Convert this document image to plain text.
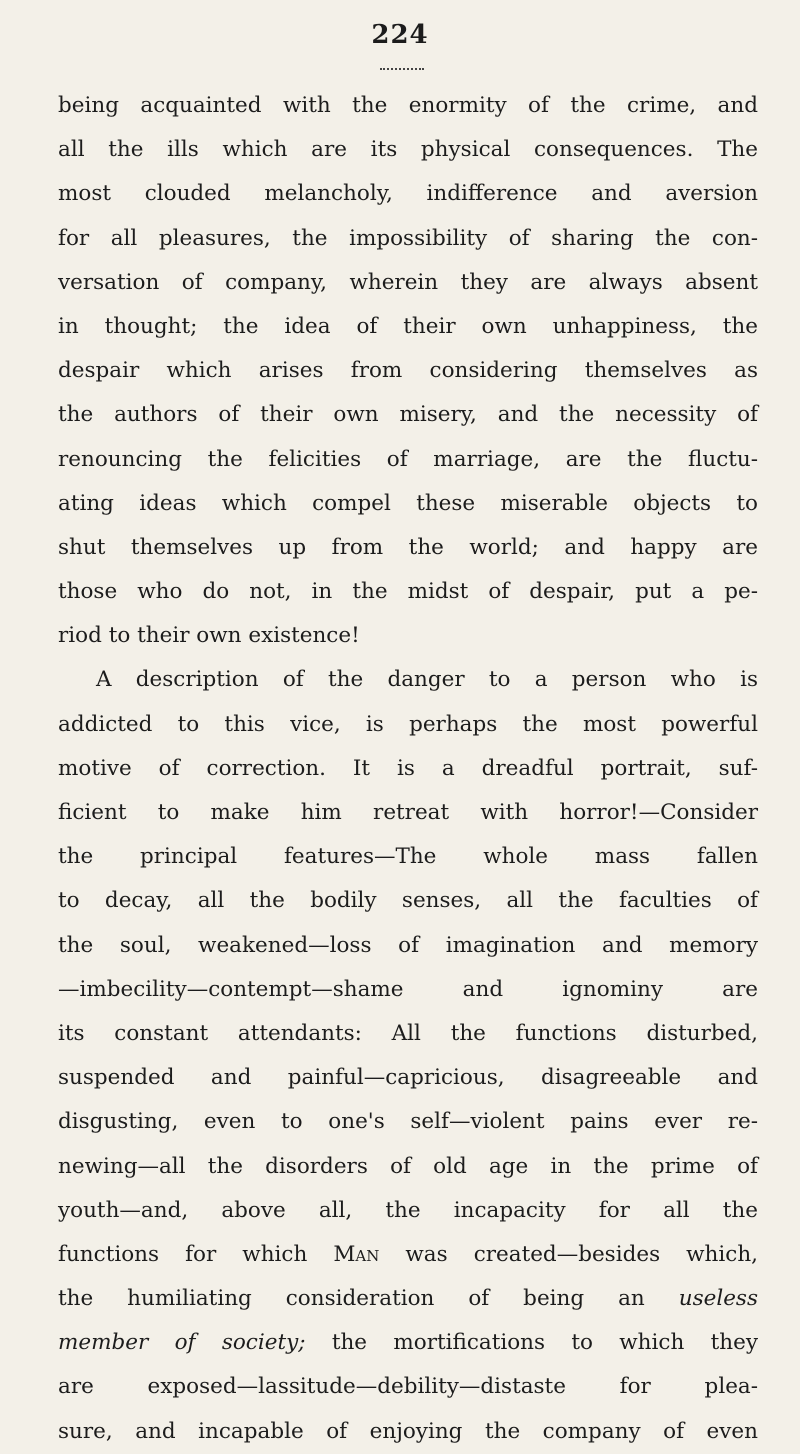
224
being acquainted with the enormity of the crime, and
all the ills which are its physical consequences. The
most clouded melancholy, indifference and aversion
for all pleasures, the impossibility of sharing the con-
versation of company, wherein they are always absent
in thought; the idea of their own unhappiness, the
despair which arises from considering themselves as
the authors of their own misery, and the necessity of
renouncing the felicities of marriage, are the fluctu-
ating ideas which compel these miserable objects to
shut themselves up from the world; and happy are
those who do not, in the midst of despair, put a pe-
riod to their own existence!
A description of the danger to a person who is
addicted to this vice, is perhaps the most powerful
motive of correction. It is a dreadful portrait, suf-
ficient to make him retreat with horror!—Consider
the principal features—The whole mass fallen
to decay, all the bodily senses, all the faculties of
the soul, weakened—loss of imagination and memory
—imbecility—contempt—shame and ignominy are
its constant attendants: All the functions disturbed,
suspended and painful—capricious, disagreeable and
disgusting, even to one's self—violent pains ever re-
newing—all the disorders of old age in the prime of
youth—and, above all, the incapacity for all the
functions for which Man was created—besides which,
the humiliating consideration of being an useless
member of society; the mortifications to which they
are exposed—lassitude—debility—distaste for plea-
sure, and incapable of enjoying the company of even
